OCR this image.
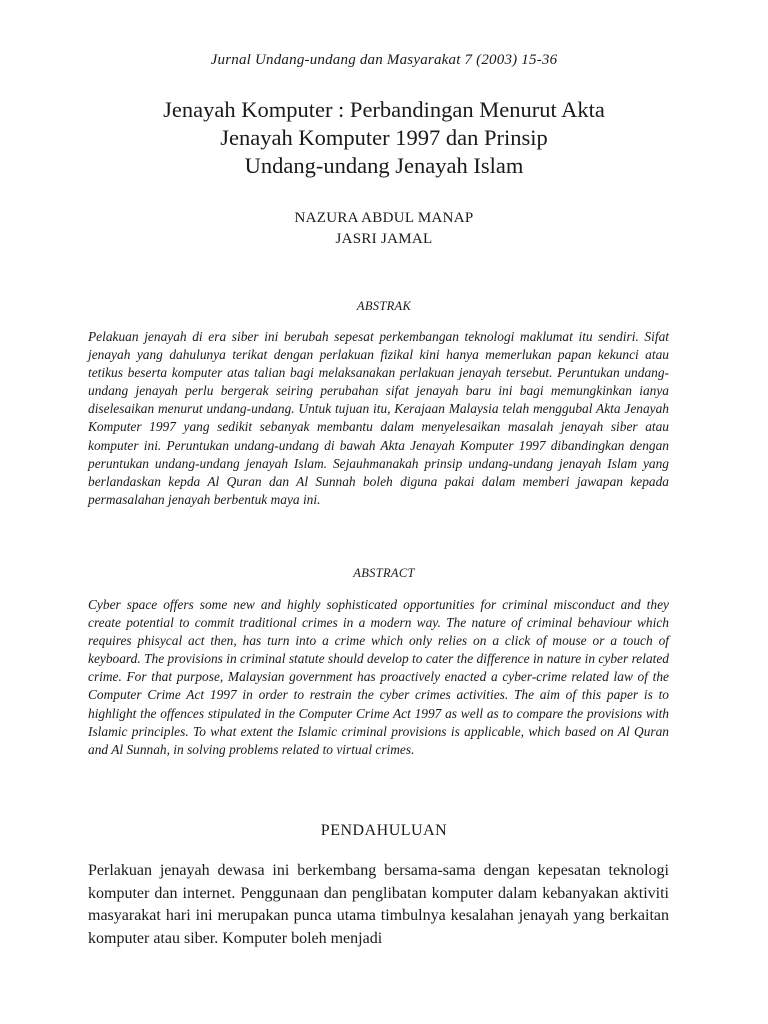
Jurnal Undang-undang dan Masyarakat 7 (2003) 15-36
Jenayah Komputer : Perbandingan Menurut Akta
Jenayah Komputer 1997 dan Prinsip
Undang-undang Jenayah Islam
NAZURA ABDUL MANAP
JASRI JAMAL
ABSTRAK
Pelakuan jenayah di era siber ini berubah sepesat perkembangan teknologi maklumat itu sendiri. Sifat jenayah yang dahulunya terikat dengan perlakuan fizikal kini hanya memerlukan papan kekunci atau tetikus beserta komputer atas talian bagi melaksanakan perlakuan jenayah tersebut. Peruntukan undang-undang jenayah perlu bergerak seiring perubahan sifat jenayah baru ini bagi memungkinkan ianya diselesaikan menurut undang-undang. Untuk tujuan itu, Kerajaan Malaysia telah menggubal Akta Jenayah Komputer 1997 yang sedikit sebanyak membantu dalam menyelesaikan masalah jenayah siber atau komputer ini. Peruntukan undang-undang di bawah Akta Jenayah Komputer 1997 dibandingkan dengan peruntukan undang-undang jenayah Islam. Sejauhmanakah prinsip undang-undang jenayah Islam yang berlandaskan kepda Al Quran dan Al Sunnah boleh diguna pakai dalam memberi jawapan kepada permasalahan jenayah berbentuk maya ini.
ABSTRACT
Cyber space offers some new and highly sophisticated opportunities for criminal misconduct and they create potential to commit traditional crimes in a modern way. The nature of criminal behaviour which requires phisycal act then, has turn into a crime which only relies on a click of mouse or a touch of keyboard. The provisions in criminal statute should develop to cater the difference in nature in cyber related crime. For that purpose, Malaysian government has proactively enacted a cyber-crime related law of the Computer Crime Act 1997 in order to restrain the cyber crimes activities. The aim of this paper is to highlight the offences stipulated in the Computer Crime Act 1997 as well as to compare the provisions with Islamic principles. To what extent the Islamic criminal provisions is applicable, which based on Al Quran and Al Sunnah, in solving problems related to virtual crimes.
PENDAHULUAN
Perlakuan jenayah dewasa ini berkembang bersama-sama dengan kepesatan teknologi komputer dan internet. Penggunaan dan penglibatan komputer dalam kebanyakan aktiviti masyarakat hari ini merupakan punca utama timbulnya kesalahan jenayah yang berkaitan komputer atau siber. Komputer boleh menjadi
